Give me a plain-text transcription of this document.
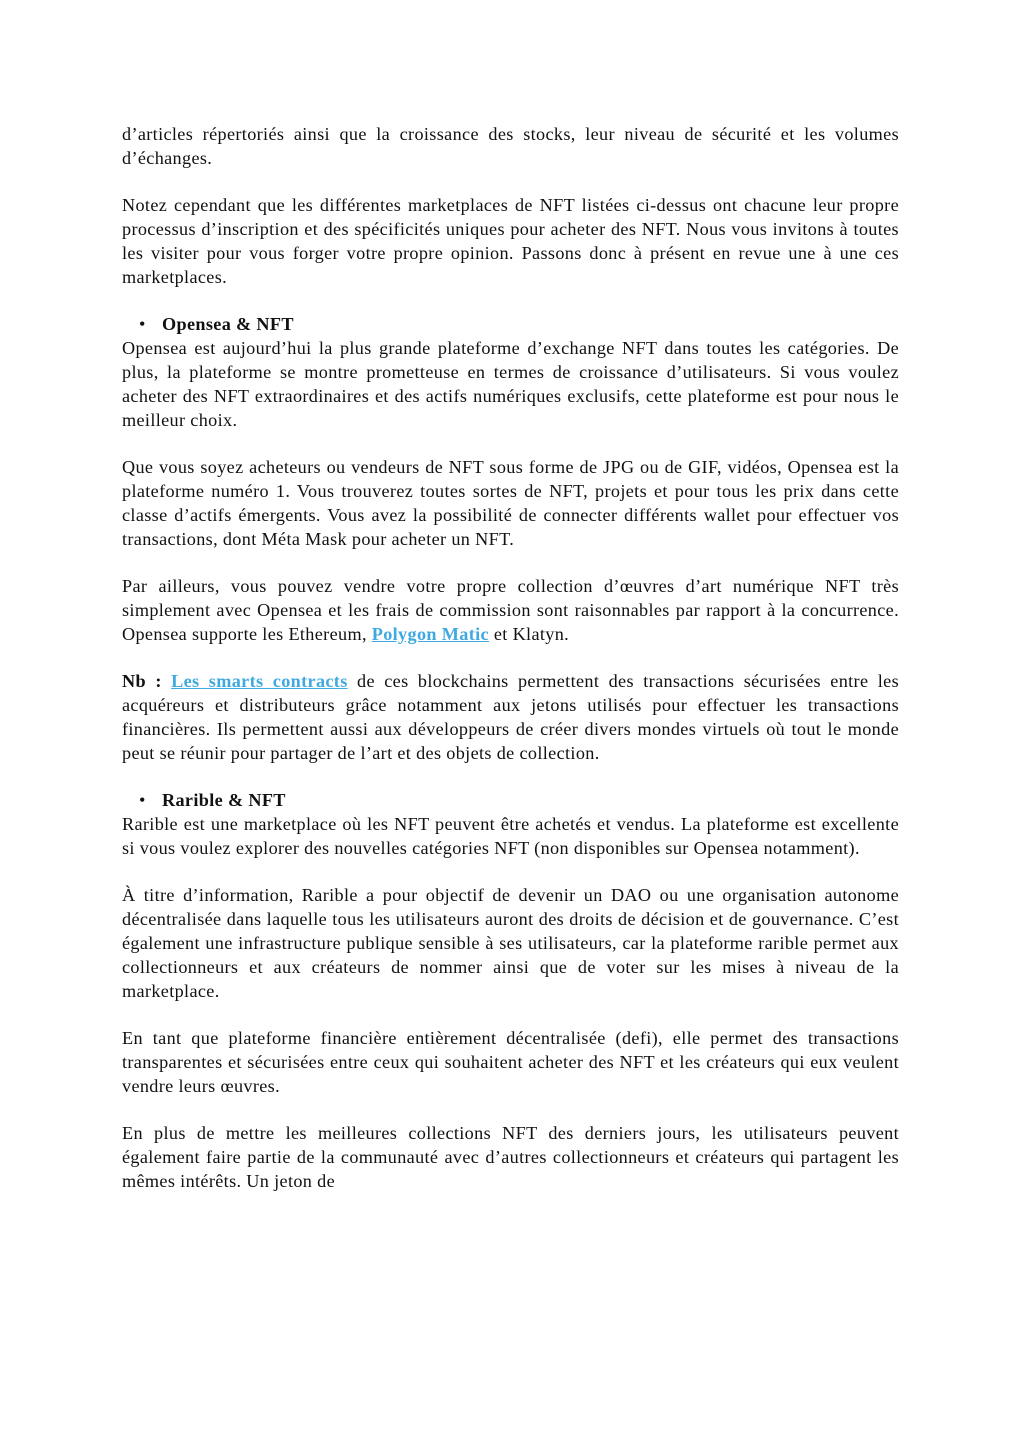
d’articles répertoriés ainsi que la croissance des stocks, leur niveau de sécurité et les volumes d’échanges.

Notez cependant que les différentes marketplaces de NFT listées ci-dessus ont chacune leur propre processus d’inscription et des spécificités uniques pour acheter des NFT. Nous vous invitons à toutes les visiter pour vous forger votre propre opinion. Passons donc à présent en revue une à une ces marketplaces.

• Opensea & NFT

Opensea est aujourd’hui la plus grande plateforme d’exchange NFT dans toutes les catégories. De plus, la plateforme se montre prometteuse en termes de croissance d’utilisateurs. Si vous voulez acheter des NFT extraordinaires et des actifs numériques exclusifs, cette plateforme est pour nous le meilleur choix.

Que vous soyez acheteurs ou vendeurs de NFT sous forme de JPG ou de GIF, vidéos, Opensea est la plateforme numéro 1. Vous trouverez toutes sortes de NFT, projets et pour tous les prix dans cette classe d’actifs émergents. Vous avez la possibilité de connecter différents wallet pour effectuer vos transactions, dont Méta Mask pour acheter un NFT.

Par ailleurs, vous pouvez vendre votre propre collection d’œuvres d’art numérique NFT très simplement avec Opensea et les frais de commission sont raisonnables par rapport à la concurrence. Opensea supporte les Ethereum, Polygon Matic et Klatyn.

Nb : Les smarts contracts de ces blockchains permettent des transactions sécurisées entre les acquéreurs et distributeurs grâce notamment aux jetons utilisés pour effectuer les transactions financières. Ils permettent aussi aux développeurs de créer divers mondes virtuels où tout le monde peut se réunir pour partager de l’art et des objets de collection.

• Rarible & NFT

Rarible est une marketplace où les NFT peuvent être achetés et vendus. La plateforme est excellente si vous voulez explorer des nouvelles catégories NFT (non disponibles sur Opensea notamment).

À titre d’information, Rarible a pour objectif de devenir un DAO ou une organisation autonome décentralisée dans laquelle tous les utilisateurs auront des droits de décision et de gouvernance. C’est également une infrastructure publique sensible à ses utilisateurs, car la plateforme rarible permet aux collectionneurs et aux créateurs de nommer ainsi que de voter sur les mises à niveau de la marketplace.

En tant que plateforme financière entièrement décentralisée (defi), elle permet des transactions transparentes et sécurisées entre ceux qui souhaitent acheter des NFT et les créateurs qui eux veulent vendre leurs œuvres.

En plus de mettre les meilleures collections NFT des derniers jours, les utilisateurs peuvent également faire partie de la communauté avec d’autres collectionneurs et créateurs qui partagent les mêmes intérêts. Un jeton de
